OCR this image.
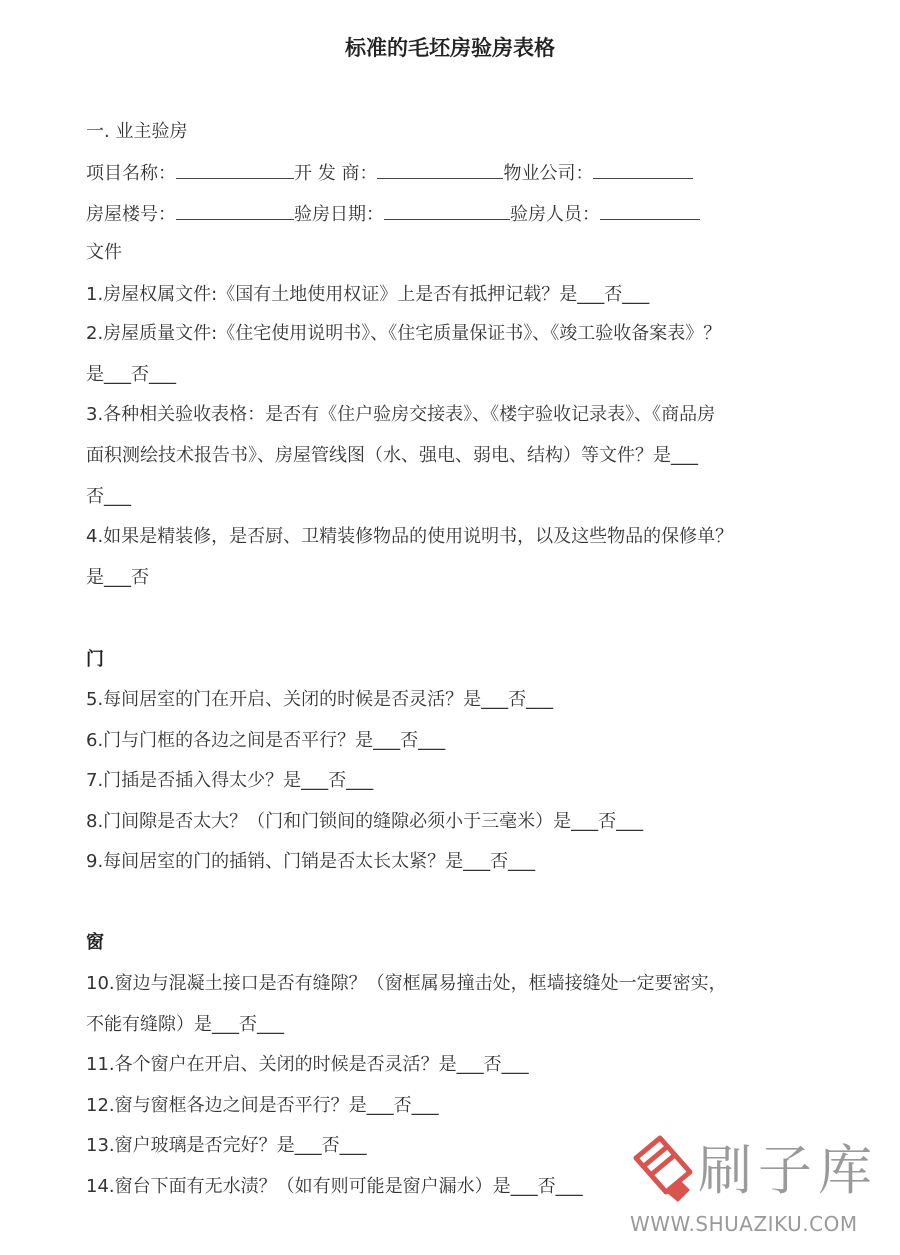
标准的毛坯房验房表格
一. 业主验房
项目名称：	开 发 商：	物业公司：
房屋楼号：	验房日期：	验房人员：
文件
1.房屋权属文件:《国有土地使用权证》上是否有抵押记载？是___否___
2.房屋质量文件:《住宅使用说明书》、《住宅质量保证书》、《竣工验收备案表》？
是___否___
3.各种相关验收表格：是否有《住户验房交接表》、《楼宇验收记录表》、《商品房
面积测绘技术报告书》、房屋管线图（水、强电、弱电、结构）等文件？是___
否___
4.如果是精装修，是否厨、卫精装修物品的使用说明书，以及这些物品的保修单？
是___否
门
5.每间居室的门在开启、关闭的时候是否灵活？是___否___
6.门与门框的各边之间是否平行？是___否___
7.门插是否插入得太少？是___否___
8.门间隙是否太大？（门和门锁间的缝隙必须小于三毫米）是___否___
9.每间居室的门的插销、门销是否太长太紧？是___否___
窗
10.窗边与混凝土接口是否有缝隙？（窗框属易撞击处，框墙接缝处一定要密实，
不能有缝隙）是___否___
11.各个窗户在开启、关闭的时候是否灵活？是___否___
12.窗与窗框各边之间是否平行？是___否___
13.窗户玻璃是否完好？是___否___
14.窗台下面有无水渍？（如有则可能是窗户漏水）是___否___ 刷子库
WWW.SHUAZIKU.COM
